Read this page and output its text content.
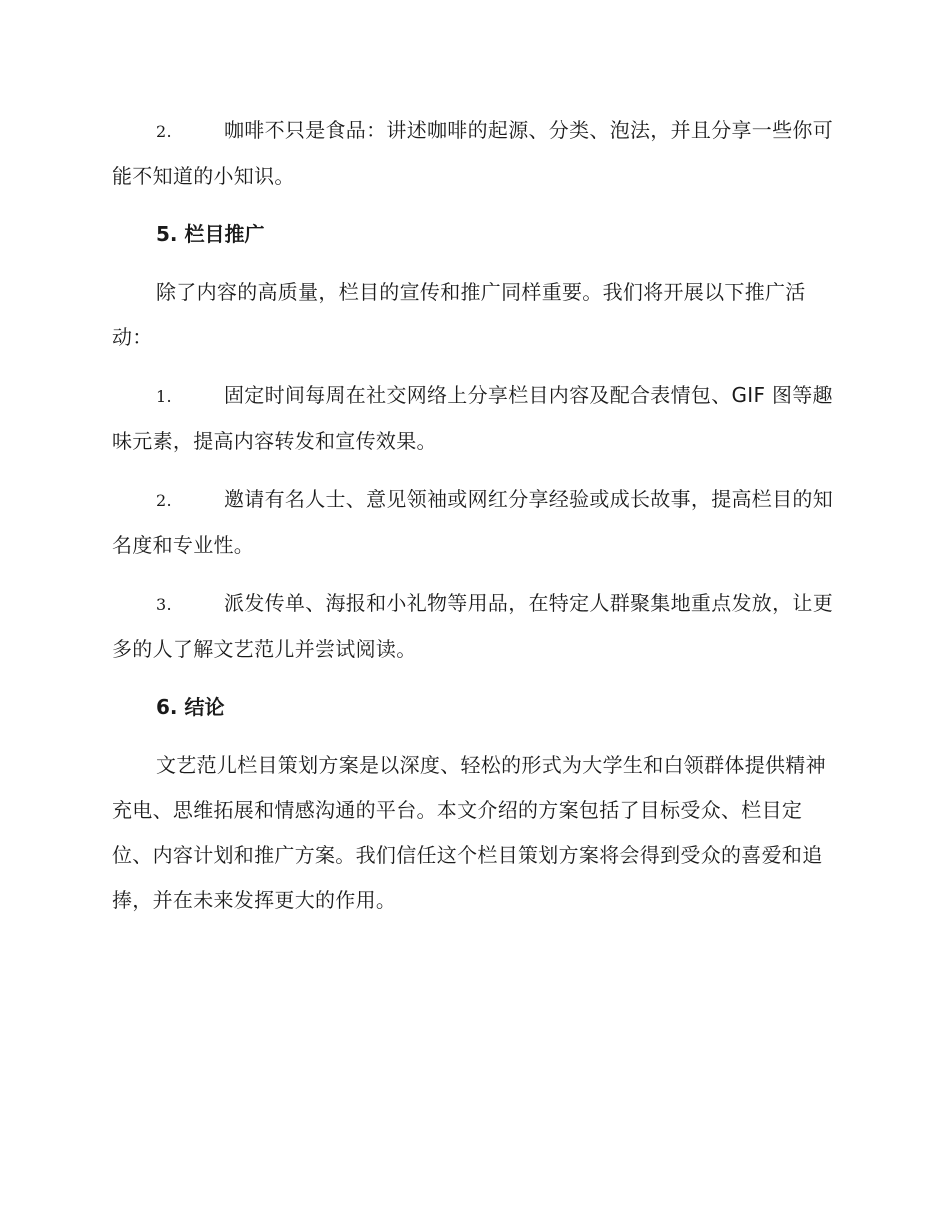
2.	咖啡不只是食品：讲述咖啡的起源、分类、泡法，并且分享一些你可能不知道的小知识。
5. 栏目推广
除了内容的高质量，栏目的宣传和推广同样重要。我们将开展以下推广活动：
1.	固定时间每周在社交网络上分享栏目内容及配合表情包、GIF 图等趣味元素，提高内容转发和宣传效果。
2.	邀请有名人士、意见领袖或网红分享经验或成长故事，提高栏目的知名度和专业性。
3.	派发传单、海报和小礼物等用品，在特定人群聚集地重点发放，让更多的人了解文艺范儿并尝试阅读。
6. 结论
文艺范儿栏目策划方案是以深度、轻松的形式为大学生和白领群体提供精神充电、思维拓展和情感沟通的平台。本文介绍的方案包括了目标受众、栏目定位、内容计划和推广方案。我们信任这个栏目策划方案将会得到受众的喜爱和追捧，并在未来发挥更大的作用。
